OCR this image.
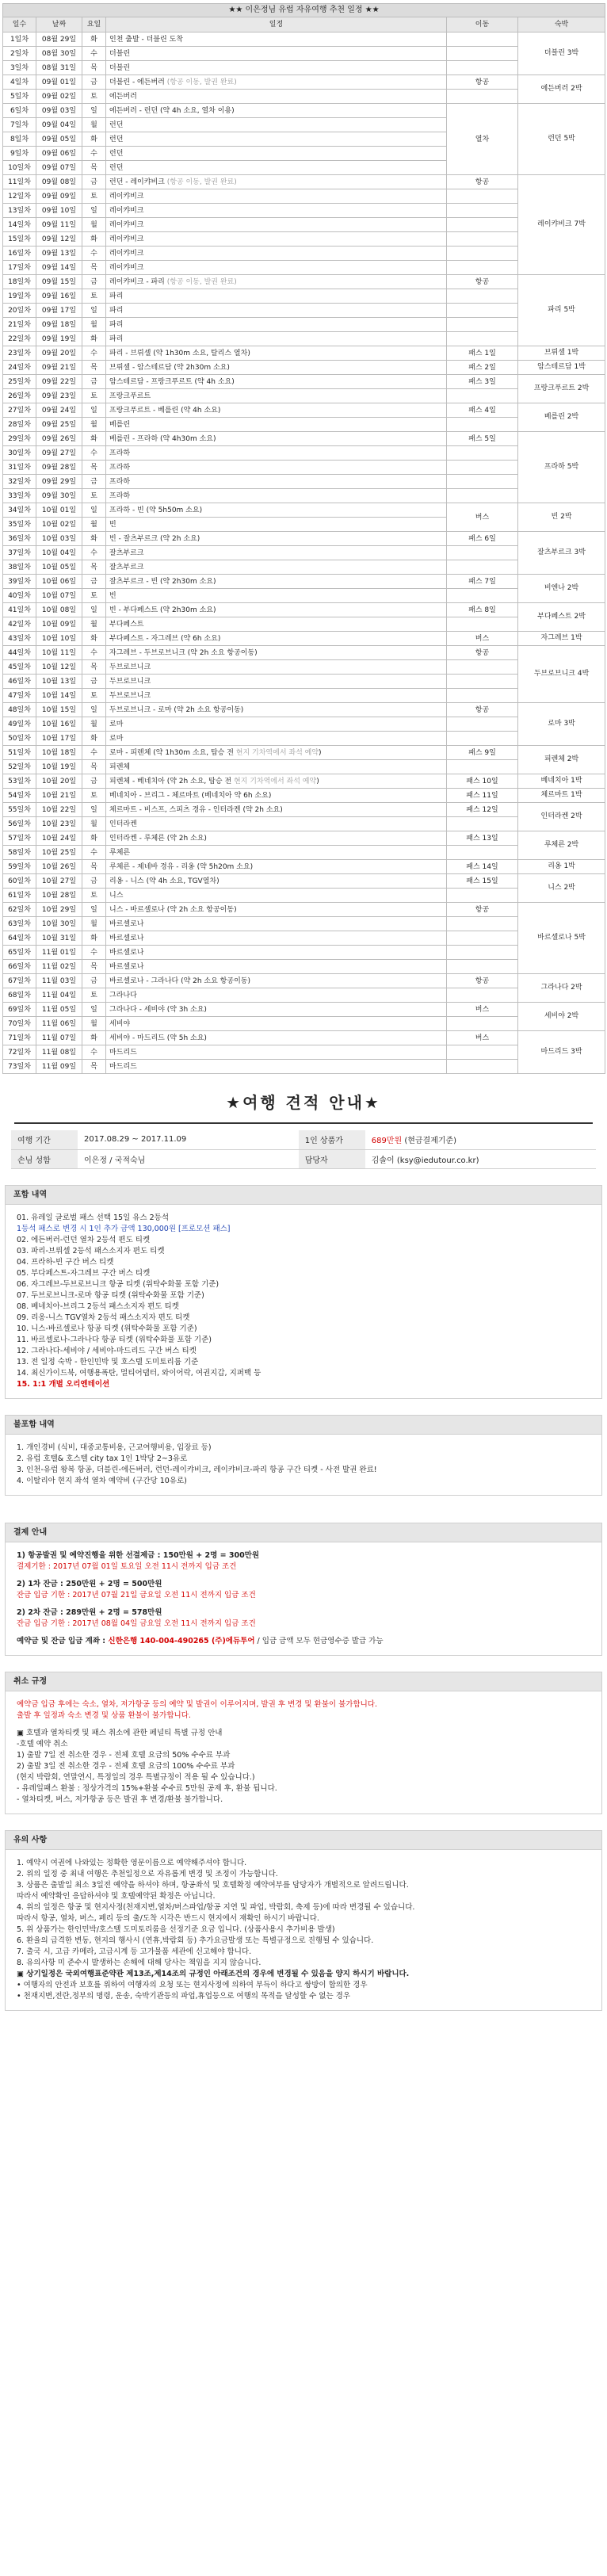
★★ 이은정님 유럽 자유여행 추천 일정 ★★					
일수	날짜	요일	일정	이동	숙박
1일차	08월 29일	화	인천 출발 - 더블린 도착		더블린 3박
2일차	08월 30일	수	더블린		
3일차	08월 31일	목	더블린		
4일차	09월 01일	금	더블린 - 에든버러 (항공 이동, 발권 완료)	항공	에든버러 2박
5일차	09월 02일	토	에든버러		
6일차	09월 03일	일	에든버러 - 런던 (약 4h 소요, 열차 이용)	열차	런던 5박
7일차	09월 04일	월	런던		
8일차	09월 05일	화	런던		
9일차	09월 06일	수	런던		
10일차	09월 07일	목	런던		
11일차	09월 08일	금	런던 - 레이캬비크 (항공 이동, 발권 완료)	항공	레이캬비크 7박
12일차	09월 09일	토	레이캬비크		
13일차	09월 10일	일	레이캬비크		
14일차	09월 11일	월	레이캬비크		
15일차	09월 12일	화	레이캬비크		
16일차	09월 13일	수	레이캬비크		
17일차	09월 14일	목	레이캬비크		
18일차	09월 15일	금	레이캬비크 - 파리 (항공 이동, 발권 완료)	항공	파리 5박
19일차	09월 16일	토	파리		
20일차	09월 17일	일	파리		
21일차	09월 18일	월	파리		
22일차	09월 19일	화	파리		
23일차	09월 20일	수	파리 - 브뤼셀 (약 1h30m 소요, 탈리스 열차)	패스 1일	브뤼셀 1박
24일차	09월 21일	목	브뤼셀 - 암스테르담 (약 2h30m 소요)	패스 2일	암스테르담 1박
25일차	09월 22일	금	암스테르담 - 프랑크푸르트 (약 4h 소요)	패스 3일	프랑크푸르트 2박
26일차	09월 23일	토	프랑크푸르트		
27일차	09월 24일	일	프랑크푸르트 - 베를린 (약 4h 소요)	패스 4일	베를린 2박
28일차	09월 25일	월	베를린		
29일차	09월 26일	화	베를린 - 프라하 (약 4h30m 소요)	패스 5일	프라하 5박
30일차	09월 27일	수	프라하		
31일차	09월 28일	목	프라하		
32일차	09월 29일	금	프라하		
33일차	09월 30일	토	프라하		
34일차	10월 01일	일	프라하 - 빈 (약 5h50m 소요)	버스	빈 2박
35일차	10월 02일	월	빈		
36일차	10월 03일	화	빈 - 잘츠부르크 (약 2h 소요)	패스 6일	잘츠부르크 3박
37일차	10월 04일	수	잘츠부르크		
38일차	10월 05일	목	잘츠부르크		
39일차	10월 06일	금	잘츠부르크 - 빈 (약 2h30m 소요)	패스 7일	비엔나 2박
40일차	10월 07일	토	빈		
41일차	10월 08일	일	빈 - 부다페스트 (약 2h30m 소요)	패스 8일	부다페스트 2박
42일차	10월 09일	월	부다페스트		
43일차	10월 10일	화	부다페스트 - 자그레브 (약 6h 소요)	버스	자그레브 1박
44일차	10월 11일	수	자그레브 - 두브로브니크 (약 2h 소요 항공이동)	항공	두브로브니크 4박
45일차	10월 12일	목	두브로브니크		
46일차	10월 13일	금	두브로브니크		
47일차	10월 14일	토	두브로브니크		
48일차	10월 15일	일	두브로브니크 - 로마 (약 2h 소요 항공이동)	항공	로마 3박
49일차	10월 16일	월	로마		
50일차	10월 17일	화	로마		
51일차	10월 18일	수	로마 - 피렌체 (약 1h30m 소요, 탑승 전 현지 기차역에서 좌석 예약)	패스 9일	피렌체 2박
52일차	10월 19일	목	피렌체		
53일차	10월 20일	금	피렌체 - 베네치아 (약 2h 소요, 탑승 전 현지 기차역에서 좌석 예약)	패스 10일	베네치아 1박
54일차	10월 21일	토	베네치아 - 브리그 - 체르마트 (베네치아 약 6h 소요)	패스 11일	체르마트 1박
55일차	10월 22일	일	체르마트 - 비스프, 스피츠 경유 - 인터라켄 (약 2h 소요)	패스 12일	인터라켄 2박
56일차	10월 23일	월	인터라켄		
57일차	10월 24일	화	인터라켄 - 루체른 (약 2h 소요)	패스 13일	루체른 2박
58일차	10월 25일	수	루체른		
59일차	10월 26일	목	루체른 - 제네바 경유 - 리옹 (약 5h20m 소요)	패스 14일	리옹 1박
60일차	10월 27일	금	리옹 - 니스 (약 4h 소요, TGV열차)	패스 15일	니스 2박
61일차	10월 28일	토	니스		
62일차	10월 29일	일	니스 - 바르셀로나 (약 2h 소요 항공이동)	항공	바르셀로나 5박
63일차	10월 30일	월	바르셀로나		
64일차	10월 31일	화	바르셀로나		
65일차	11월 01일	수	바르셀로나		
66일차	11월 02일	목	바르셀로나		
67일차	11월 03일	금	바르셀로나 - 그라나다 (약 2h 소요 항공이동)	항공	그라나다 2박
68일차	11월 04일	토	그라나다		
69일차	11월 05일	일	그라나다 - 세비야 (약 3h 소요)	버스	세비야 2박
70일차	11월 06일	월	세비야		
71일차	11월 07일	화	세비야 - 마드리드 (약 5h 소요)	버스	마드리드 3박
72일차	11월 08일	수	마드리드		
73일차	11월 09일	목	마드리드		
★여행 견적 안내★
여행 기간	2017.08.29 ~ 2017.11.09	1인 상품가	689만원 (현금결제기준)
손님 성함	이은정 / 국적숙님	담당자	김솔이 (ksy@iedutour.co.kr)
포함 내역
01. 유레일 글로벌 패스 선택 15일 유스 2등석
1등석 패스로 변경 시 1인 추가 금액 130,000원 [프로모션 패스]
02. 에든버러-런던 열차 2등석 편도 티켓
03. 파리-브뤼셀 2등석 패스소지자 편도 티켓
04. 프라하-빈 구간 버스 티켓
05. 부다페스트-자그레브 구간 버스 티켓
06. 자그레브-두브로브니크 항공 티켓 (위탁수화물 포함 기준)
07. 두브로브니크-로마 항공 티켓 (위탁수화물 포함 기준)
08. 베네치아-브리그 2등석 패스소지자 편도 티켓
09. 리옹-니스 TGV열차 2등석 패스소지자 편도 티켓
10. 니스-바르셀로나 항공 티켓 (위탁수화물 포함 기준)
11. 바르셀로나-그라나다 항공 티켓 (위탁수화물 포함 기준)
12. 그라나다-세비야 / 세비야-마드리드 구간 버스 티켓
13. 전 일정 숙박 - 한인민박 및 호스텔 도미토리룸 기준
14. 최신가이드북, 여행용폭탄, 멀티어댑터, 와이어락, 여권지갑, 지퍼백 등
15. 1:1 개별 오리엔테이션
불포함 내역
1. 개인경비 (식비, 대중교통비용, 근교여행비용, 입장료 등)
2. 유럽 호텔& 호스텔 city tax 1인 1박당 2~3유로
3. 인천-유럽 왕복 항공, 더블린-에든버러, 런던-레이캬비크, 레이캬비크-파리 항공 구간 티켓 - 사전 발권 완료!
4. 이탈리아 현지 좌석 열차 예약비 (구간당 10유로)
결제 안내
1) 항공발권 및 예약진행을 위한 선결제금 : 150만원 + 2명 = 300만원
결제기한 : 2017년 07월 01일 토요일 오전 11시 전까지 입금 조건
2) 1차 잔금 : 250만원 + 2명 = 500만원
잔금 입금 기한 : 2017년 07월 21일 금요일 오전 11시 전까지 입금 조건
2) 2차 잔금 : 289만원 + 2명 = 578만원
잔금 입금 기한 : 2017년 08월 04일 금요일 오전 11시 전까지 입금 조건
예약금 및 잔금 입금 계좌 : 신한은행 140-004-490265 (주)에듀투어 / 입금 금액 모두 현금영수증 발급 가능
취소 규정
예약금 입금 후에는 숙소, 열차, 저가항공 등의 예약 및 발권이 이루어지며, 발권 후 변경 및 환불이 불가합니다.
출발 후 일정과 숙소 변경 및 상품 환불이 불가합니다.
▣ 호텔과 열차티켓 및 패스 취소에 관한 페널티 특별 규정 안내
-호텔 예약 취소
1) 출발 7일 전 취소한 경우 - 전체 호텔 요금의 50% 수수료 부과
2) 출발 3일 전 취소한 경우 - 전체 호텔 요금의 100% 수수료 부과
(현지 박람회, 연말연시, 특정일의 경우 특별규정이 적용 될 수 있습니다.)
- 유레일패스 환불 : 정상가격의 15%+환불 수수료 5만원 공제 후, 환불 됩니다.
- 열차티켓, 버스, 저가항공 등은 발권 후 변경/환불 불가합니다.
유의 사항
1. 예약시 여권에 나와있는 정확한 영문이름으로 예약해주셔야 합니다.
2. 위의 일정 중 최내 여행은 추천일정으로 자유롭게 변경 및 조정이 가능합니다.
3. 상품은 출발일 최소 3일전 예약을 하셔야 하며, 항공좌석 및 호텔확정 예약여부를 담당자가 개별적으로 알려드립니다.
따라서 예약확인 응답하셔야 및 호텔예약된 확정은 아닙니다.
4. 위의 일정은 항공 및 현지사정(천재지변,열차/버스파업/항공 지연 및 파업, 박람회, 축제 등)에 따라 변경될 수 있습니다.
따라서 항공, 열차, 버스, 페리 등의 출/도착 시각은 반드시 현지에서 재확인 하시기 바랍니다.
5. 위 상품가는 한인민박/호스텔 도미토리룸을 선정기준 요금 입니다. (상품사용시 추가비용 발생)
6. 환율의 급격한 변동, 현지의 행사시 (연휴,박람회 등) 추가요금발생 또는 특별규정으로 진행될 수 있습니다.
7. 출국 시, 고급 카메라, 고급시계 등 고가물품 세관에 신고해야 합니다.
8. 유의사항 미 준수시 발생하는 손해에 대해 당사는 책임을 지지 않습니다.
▣ 상기일정은 국외여행표준약관 제13조,제14조의 규정인 아래조건의 경우에 변경될 수 있음을 양지 하시기 바랍니다.
• 여행자의 안전과 보호를 위하여 여행자의 요청 또는 현지사정에 의하여 부득이 하다고 쌍방이 합의한 경우
• 천재지변,전란,정부의 명령, 운송, 숙박기관등의 파업,휴업등으로 여행의 목적을 달성할 수 없는 경우
